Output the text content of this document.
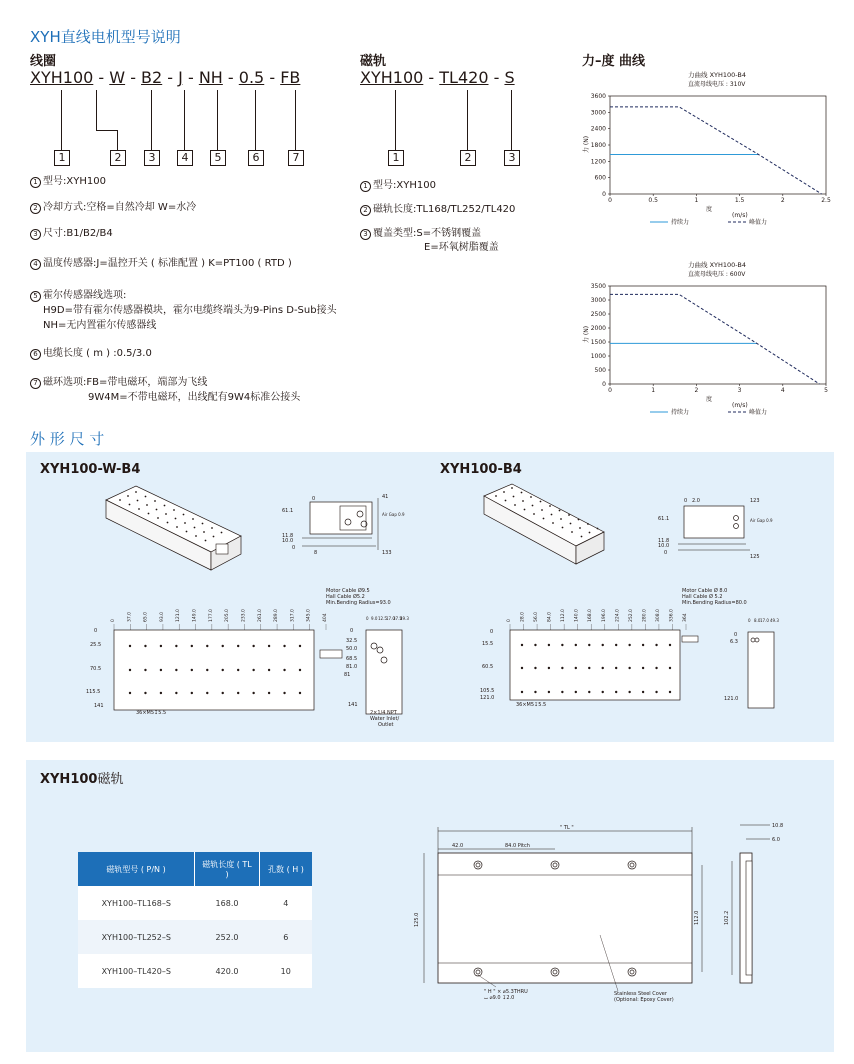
XYH直线电机型号说明
线圈
XYH100 - W - B2 - J - NH - 0.5 - FB
1	2	3	4	5	6	7
1 型号:XYH100
2 冷却方式:空格=自然冷却 W=水冷
3 尺寸:B1/B2/B4
4 温度传感器:J=温控开关 ( 标准配置 ) K=PT100 ( RTD )
5 霍尔传感器线选项:
H9D=带有霍尔传感器模块，霍尔电缆终端头为9-Pins D-Sub接头
NH=无内置霍尔传感器线
6 电缆长度 ( m ) :0.5/3.0
7 磁环选项:FB=带电磁环，端部为飞线
9W4M=不带电磁环，出线配有9W4标准公接头
磁轨
XYH100 - TL420 - S
1	2	3
1 型号:XYH100
2 磁轨长度:TL168/TL252/TL420
3 覆盖类型:S=不锈钢覆盖
E=环氧树脂覆盖
力–度 曲线
力曲线 XYH100-B4
直流母线电压 : 310V
0
600
1200
1800
2400
3000
3600
0	0.5	1	1.5	2	2.5
力 (N)
度
(m/s)
持续力	峰值力
力曲线 XYH100-B4
直流母线电压 : 600V
0
500
1000
1500
2000
2500
3000
3500
0	1	2	3	4	5
力 (N)
度
(m/s)
持续力	峰值力
外 形 尺 寸
XYH100-W-B4	XYH100-B4
61.1
11.8
10.0
0
8	133
0	41
Air Gap 0.9
0	37.0	65.0	93.0	121.0	149.0	177.0	205.0	233.0	261.0	289.0	317.0	345.0	404
0
25.5
70.5
115.5
141
36×M5↧5.5
Motor Cable Ø9.5
Hall Cable Ø5.2
Min.Bending Radius=93.0
0
32.5
50.0
68.5
81.0
81
141
2×1/4 NPT
Water Inlet/
Outlet
0 9.0 12.5 17.0
37.5
49.3
61.1
11.8
10.0
0
125
0 2.0	123
Air Gap 0.9
0 28.0 56.0 84.0 112.0 140.0 168.0 196.0 224.0 252.0 280.0 308.0 336.0 364
0
15.5
60.5
105.5
121.0
36×M5↧5.5
Motor Cable Ø 8.0
Hall Cable Ø 5.2
Min.Bending Radius=80.0
0
6.3
121.0
0 8.0 17.0 49.3
XYH100磁轨
磁轨型号 ( P/N )	磁轨长度 ( TL )	孔数 ( H )
XYH100–TL168–S	168.0	4
XYH100–TL252–S	252.0	6
XYH100–TL420–S	420.0	10
" TL "
42.0	84.0 Pitch
125.0	112.0
" H " × ⌀5.3THRU
⌴ ⌀9.0 ↧2.0
Stainless Steel Cover
(Optional: Epoxy Cover)
10.8
6.0
102.2
